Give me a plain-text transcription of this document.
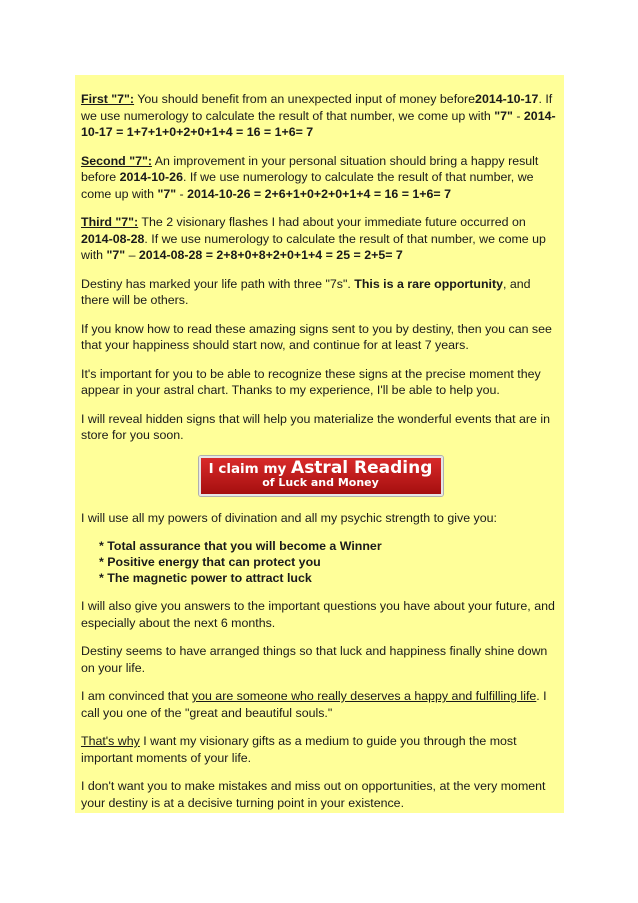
First "7": You should benefit from an unexpected input of money before2014-10-17. If we use numerology to calculate the result of that number, we come up with "7" - 2014-10-17 = 1+7+1+0+2+0+1+4 = 16 = 1+6= 7

Second "7": An improvement in your personal situation should bring a happy result before 2014-10-26. If we use numerology to calculate the result of that number, we come up with "7" - 2014-10-26 = 2+6+1+0+2+0+1+4 = 16 = 1+6= 7

Third "7": The 2 visionary flashes I had about your immediate future occurred on 2014-08-28. If we use numerology to calculate the result of that number, we come up with "7" – 2014-08-28 = 2+8+0+8+2+0+1+4 = 25 = 2+5= 7

Destiny has marked your life path with three "7s". This is a rare opportunity, and there will be others.

If you know how to read these amazing signs sent to you by destiny, then you can see that your happiness should start now, and continue for at least 7 years.

It's important for you to be able to recognize these signs at the precise moment they appear in your astral chart. Thanks to my experience, I'll be able to help you.

I will reveal hidden signs that will help you materialize the wonderful events that are in store for you soon.

I claim my Astral Reading
of Luck and Money

I will use all my powers of divination and all my psychic strength to give you:

* Total assurance that you will become a Winner
* Positive energy that can protect you
* The magnetic power to attract luck

I will also give you answers to the important questions you have about your future, and especially about the next 6 months.

Destiny seems to have arranged things so that luck and happiness finally shine down on your life.

I am convinced that you are someone who really deserves a happy and fulfilling life. I call you one of the "great and beautiful souls."

That's why I want my visionary gifts as a medium to guide you through the most important moments of your life.

I don't want you to make mistakes and miss out on opportunities, at the very moment your destiny is at a decisive turning point in your existence.
